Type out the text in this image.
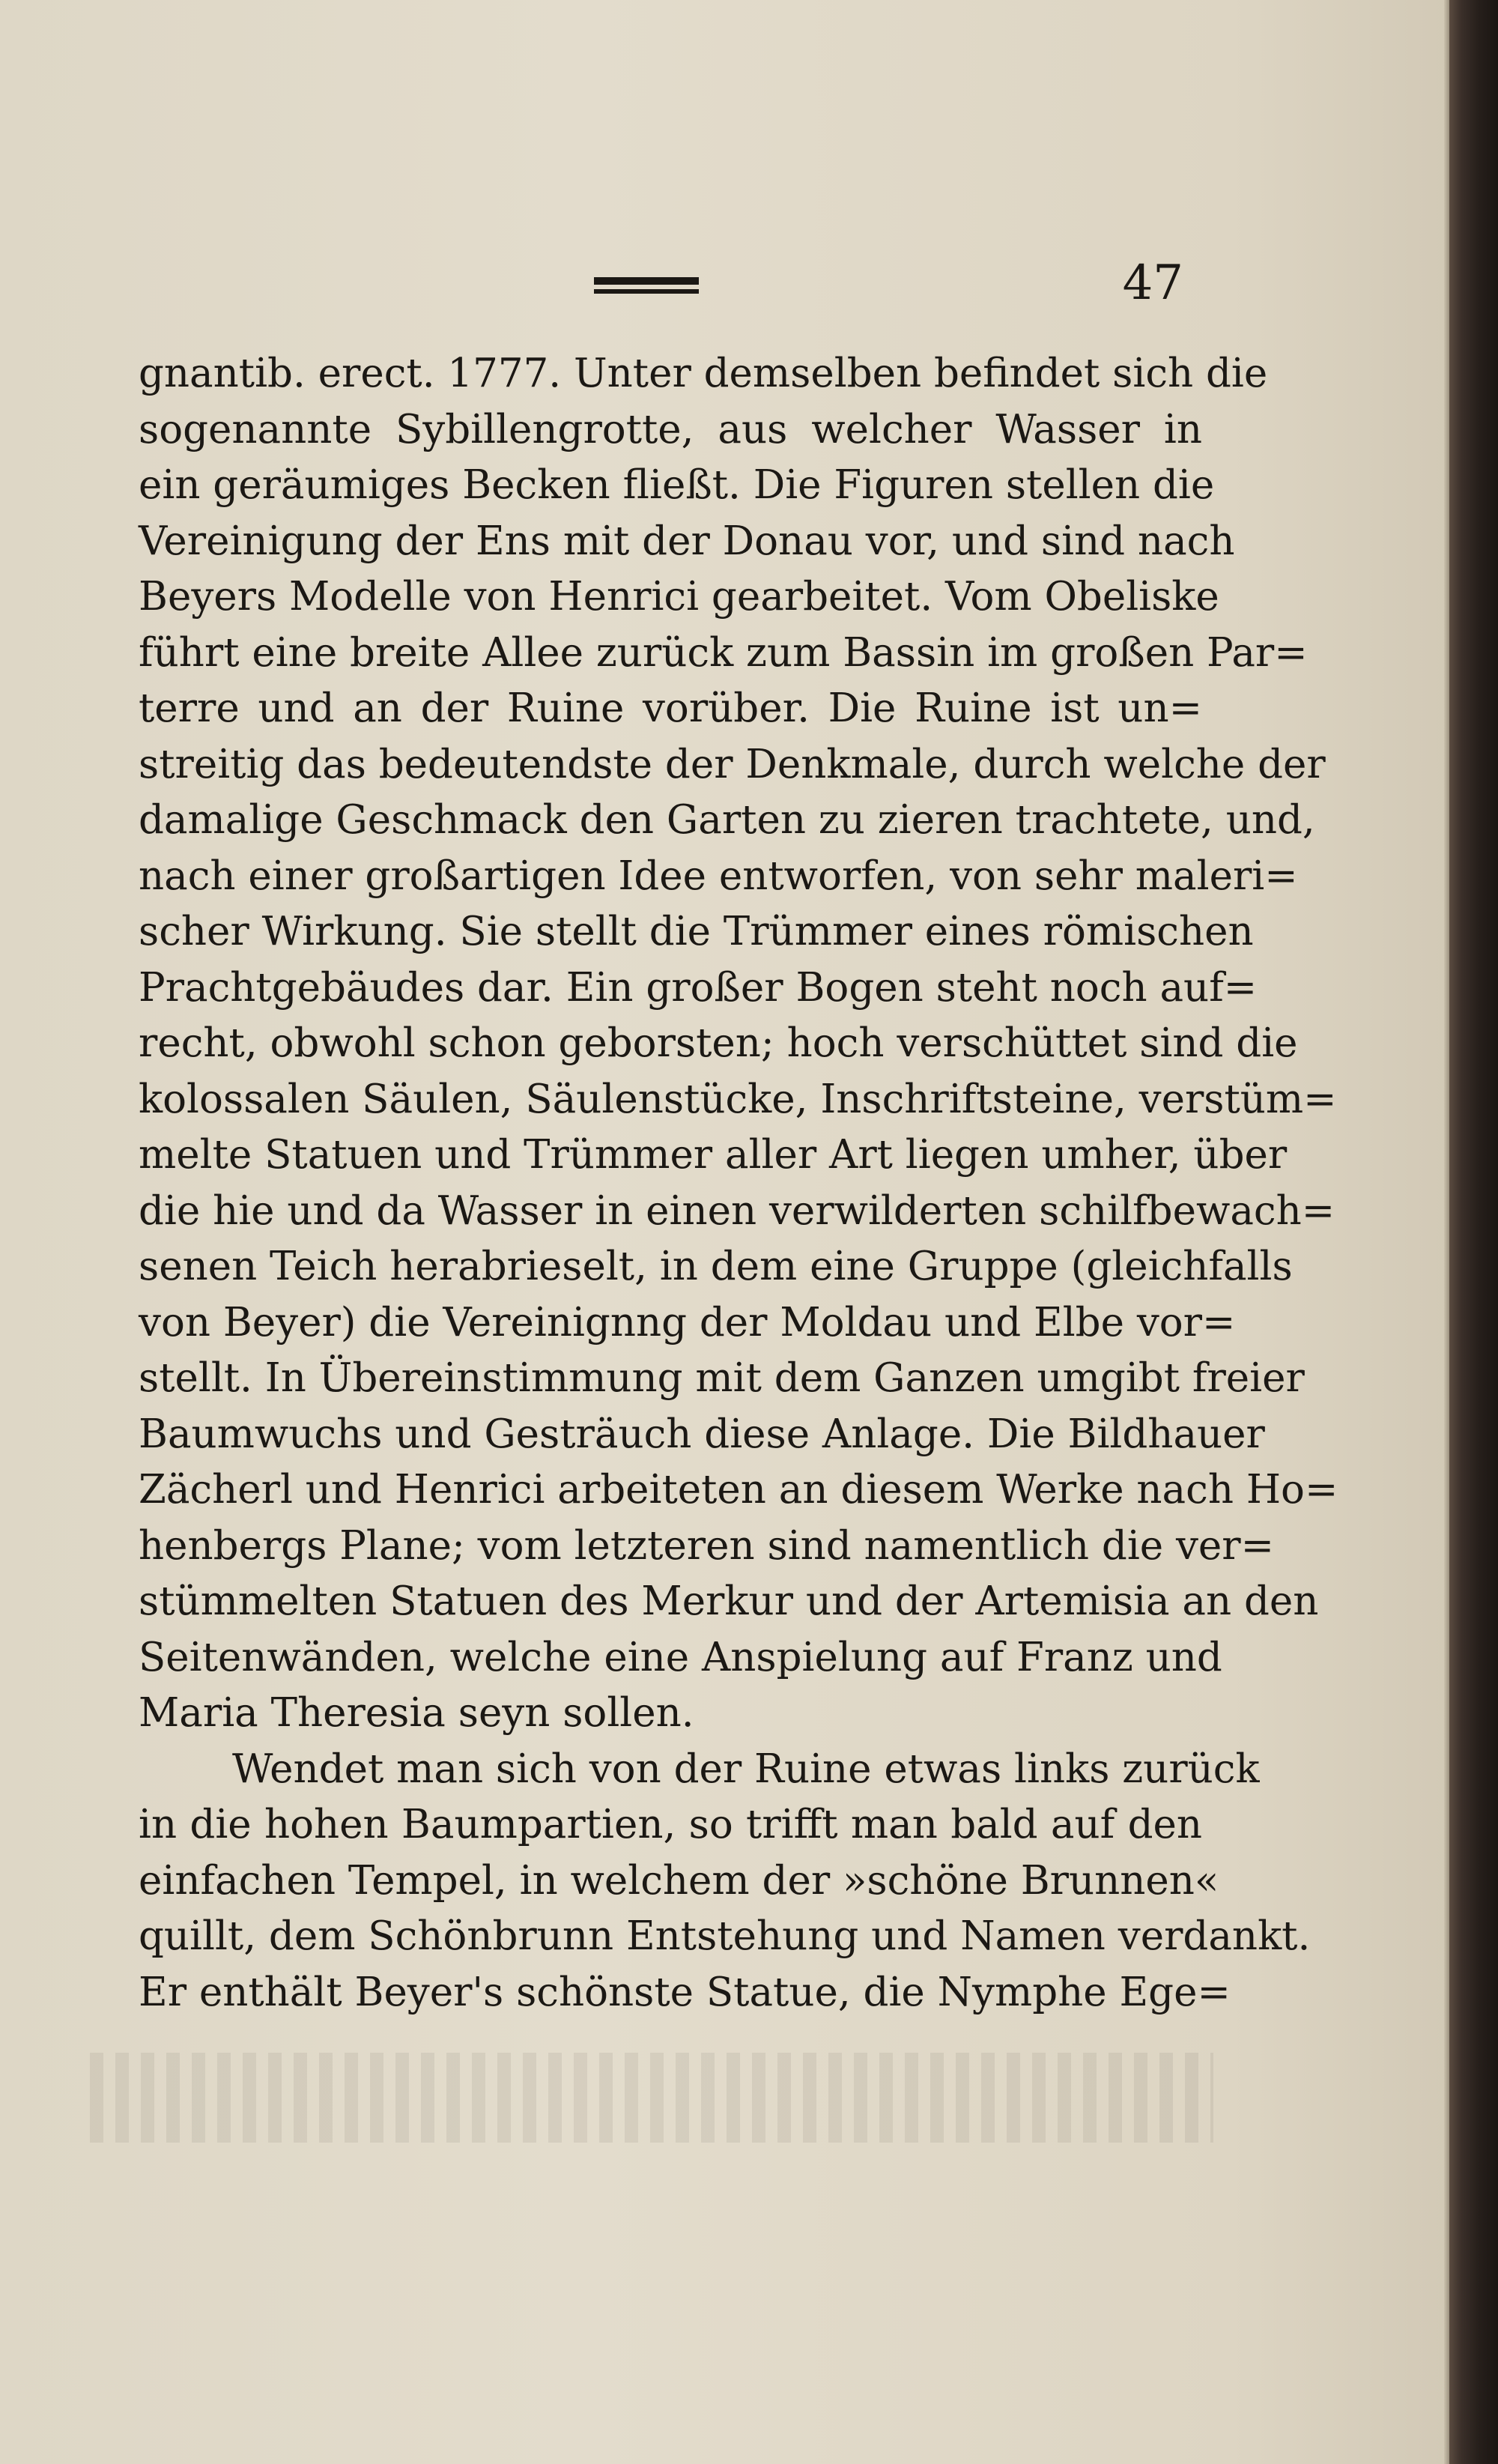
47
gnantib. erect. 1777. Unter demselben befindet sich die
sogenannte Sybillengrotte, aus welcher Wasser in
ein geräumiges Becken fließt. Die Figuren stellen die
Vereinigung der Ens mit der Donau vor, und sind nach
Beyers Modelle von Henrici gearbeitet. Vom Obeliske
führt eine breite Allee zurück zum Bassin im großen Par=
terre und an der Ruine vorüber. Die Ruine ist un=
streitig das bedeutendste der Denkmale, durch welche der
damalige Geschmack den Garten zu zieren trachtete, und,
nach einer großartigen Idee entworfen, von sehr maleri=
scher Wirkung. Sie stellt die Trümmer eines römischen
Prachtgebäudes dar. Ein großer Bogen steht noch auf=
recht, obwohl schon geborsten; hoch verschüttet sind die
kolossalen Säulen, Säulenstücke, Inschriftsteine, verstüm=
melte Statuen und Trümmer aller Art liegen umher, über
die hie und da Wasser in einen verwilderten schilfbewach=
senen Teich herabrieselt, in dem eine Gruppe (gleichfalls
von Beyer) die Vereinignng der Moldau und Elbe vor=
stellt. In Übereinstimmung mit dem Ganzen umgibt freier
Baumwuchs und Gesträuch diese Anlage. Die Bildhauer
Zächerl und Henrici arbeiteten an diesem Werke nach Ho=
henbergs Plane; vom letzteren sind namentlich die ver=
stümmelten Statuen des Merkur und der Artemisia an den
Seitenwänden, welche eine Anspielung auf Franz und
Maria Theresia seyn sollen.
Wendet man sich von der Ruine etwas links zurück
in die hohen Baumpartien, so trifft man bald auf den
einfachen Tempel, in welchem der »schöne Brunnen«
quillt, dem Schönbrunn Entstehung und Namen verdankt.
Er enthält Beyer's schönste Statue, die Nymphe Ege=
